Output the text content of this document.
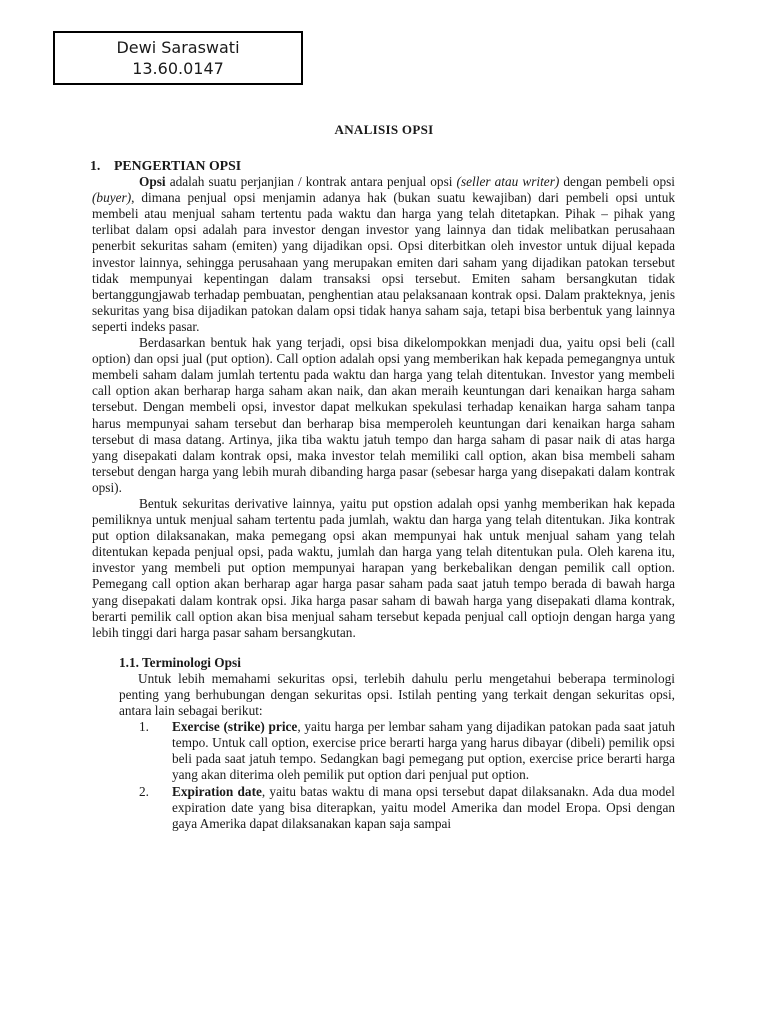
Dewi Saraswati
13.60.0147
ANALISIS OPSI
1. PENGERTIAN OPSI

Opsi adalah suatu perjanjian / kontrak antara penjual opsi (seller atau writer) dengan pembeli opsi (buyer), dimana penjual opsi menjamin adanya hak (bukan suatu kewajiban) dari pembeli opsi untuk membeli atau menjual saham tertentu pada waktu dan harga yang telah ditetapkan. Pihak – pihak yang terlibat dalam opsi adalah para investor dengan investor yang lainnya dan tidak melibatkan perusahaan penerbit sekuritas saham (emiten) yang dijadikan opsi. Opsi diterbitkan oleh investor untuk dijual kepada investor lainnya, sehingga perusahaan yang merupakan emiten dari saham yang dijadikan patokan tersebut tidak mempunyai kepentingan dalam transaksi opsi tersebut. Emiten saham bersangkutan tidak bertanggungjawab terhadap pembuatan, penghentian atau pelaksanaan kontrak opsi. Dalam prakteknya, jenis sekuritas yang bisa dijadikan patokan dalam opsi tidak hanya saham saja, tetapi bisa berbentuk yang lainnya seperti indeks pasar.

Berdasarkan bentuk hak yang terjadi, opsi bisa dikelompokkan menjadi dua, yaitu opsi beli (call option) dan opsi jual (put option). Call option adalah opsi yang memberikan hak kepada pemegangnya untuk membeli saham dalam jumlah tertentu pada waktu dan harga yang telah ditentukan. Investor yang membeli call option akan berharap harga saham akan naik, dan akan meraih keuntungan dari kenaikan harga saham tersebut. Dengan membeli opsi, investor dapat melkukan spekulasi terhadap kenaikan harga saham tanpa harus mempunyai saham tersebut dan berharap bisa memperoleh keuntungan dari kenaikan harga saham tersebut di masa datang. Artinya, jika tiba waktu jatuh tempo dan harga saham di pasar naik di atas harga yang disepakati dalam kontrak opsi, maka investor telah memiliki call option, akan bisa membeli saham tersebut dengan harga yang lebih murah dibanding harga pasar (sebesar harga yang disepakati dalam kontrak opsi).

Bentuk sekuritas derivative lainnya, yaitu put opstion adalah opsi yanhg memberikan hak kepada pemiliknya untuk menjual saham tertentu pada jumlah, waktu dan harga yang telah ditentukan. Jika kontrak put option dilaksanakan, maka pemegang opsi akan mempunyai hak untuk menjual saham yang telah ditentukan kepada penjual opsi, pada waktu, jumlah dan harga yang telah ditentukan pula. Oleh karena itu, investor yang membeli put option mempunyai harapan yang berkebalikan dengan pemilik call option. Pemegang call option akan berharap agar harga pasar saham pada saat jatuh tempo berada di bawah harga yang disepakati dalam kontrak opsi. Jika harga pasar saham di bawah harga yang disepakati dlama kontrak, berarti pemilik call option akan bisa menjual saham tersebut kepada penjual call optiojn dengan harga yang lebih tinggi dari harga pasar saham bersangkutan.

1.1. Terminologi Opsi

Untuk lebih memahami sekuritas opsi, terlebih dahulu perlu mengetahui beberapa terminologi penting yang berhubungan dengan sekuritas opsi. Istilah penting yang terkait dengan sekuritas opsi, antara lain sebagai berikut:

1. Exercise (strike) price, yaitu harga per lembar saham yang dijadikan patokan pada saat jatuh tempo. Untuk call option, exercise price berarti harga yang harus dibayar (dibeli) pemilik opsi beli pada saat jatuh tempo. Sedangkan bagi pemegang put option, exercise price berarti harga yang akan diterima oleh pemilik put option dari penjual put option.
2. Expiration date, yaitu batas waktu di mana opsi tersebut dapat dilaksanakn. Ada dua model expiration date yang bisa diterapkan, yaitu model Amerika dan model Eropa. Opsi dengan gaya Amerika dapat dilaksanakan kapan saja sampai
